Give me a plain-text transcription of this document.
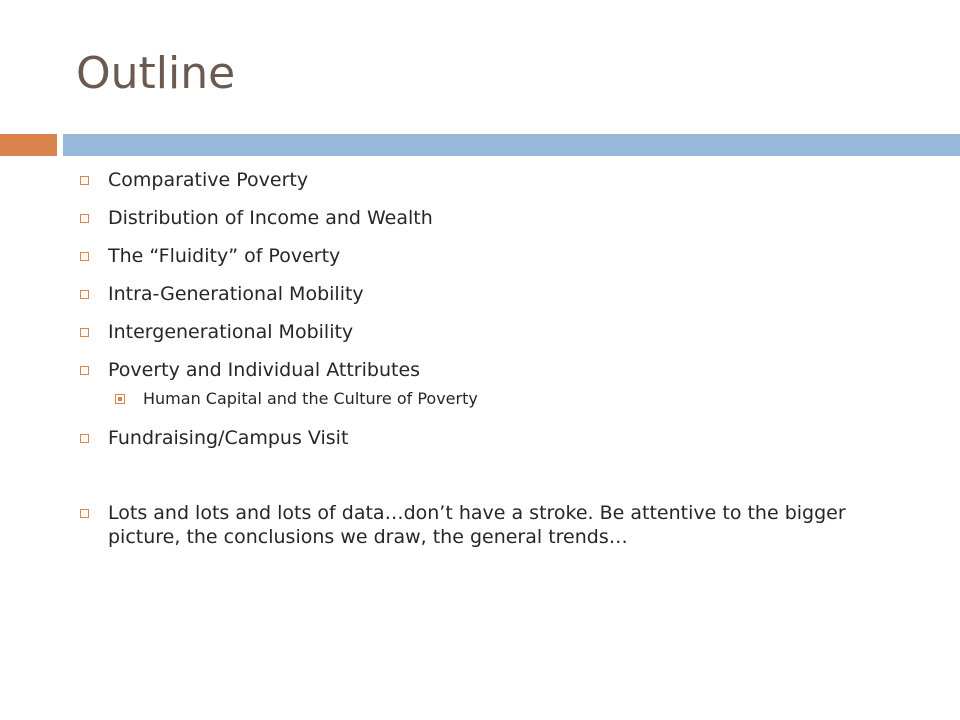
Outline
Comparative Poverty
Distribution of Income and Wealth
The “Fluidity” of Poverty
Intra-Generational Mobility
Intergenerational Mobility
Poverty and Individual Attributes
Human Capital and the Culture of Poverty
Fundraising/Campus Visit
Lots and lots and lots of data…don’t have a stroke. Be attentive to the bigger picture, the conclusions we draw, the general trends…
